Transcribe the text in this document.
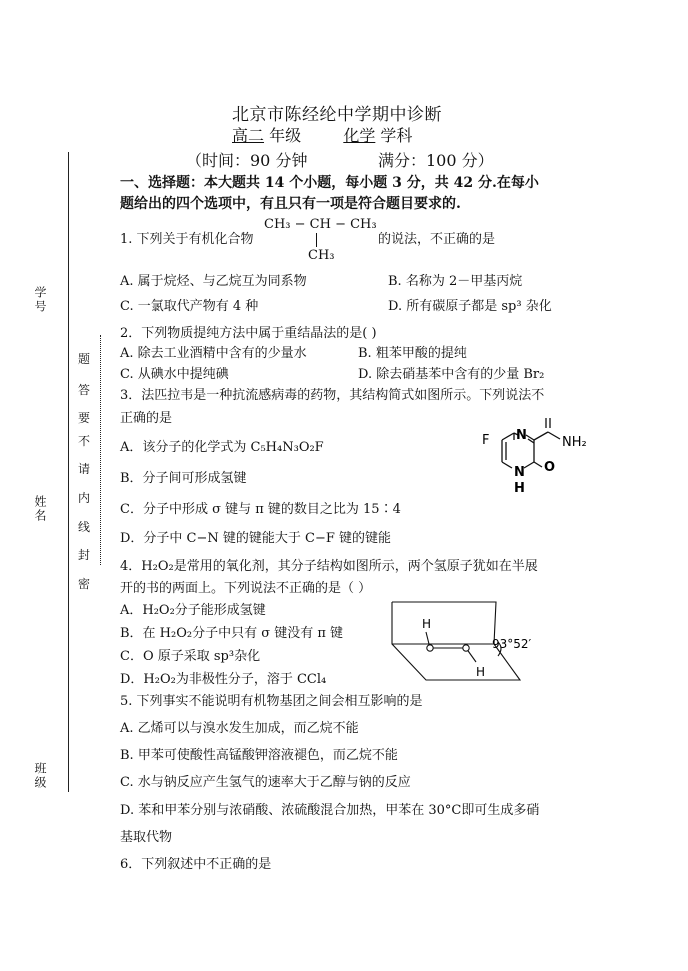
学号
姓名
班级
题
答
要
不
请
内
线
封
密
北京市陈经纶中学期中诊断
高二 年级	化学 学科
（时间：90 分钟	满分：100 分）
一、选择题：本大题共 14 个小题，每小题 3 分，共 42 分.在每小
题给出的四个选项中，有且只有一项是符合题目要求的.
1. 下列关于有机化合物
CH₃ − CH − CH₃
CH₃
的说法，不正确的是
A. 属于烷烃、与乙烷互为同系物	B. 名称为 2－甲基丙烷
C. 一氯取代产物有 4 种	D. 所有碳原子都是 sp³ 杂化
2．下列物质提纯方法中属于重结晶法的是( )
A. 除去工业酒精中含有的少量水	B. 粗苯甲酸的提纯
C. 从碘水中提纯碘	D. 除去硝基苯中含有的少量 Br₂
3．法匹拉韦是一种抗流感病毒的药物，其结构简式如图所示。下列说法不
正确的是
A．该分子的化学式为 C₅H₄N₃O₂F
B．分子间可形成氢键
C．分子中形成 σ 键与 π 键的数目之比为 15∶4
D．分子中 C−N 键的键能大于 C−F 键的键能
F N
O
N
H
NH₂
4．H₂O₂是常用的氧化剂，其分子结构如图所示，两个氢原子犹如在半展
开的书的两面上。下列说法不正确的是（ ）
A．H₂O₂分子能形成氢键
B．在 H₂O₂分子中只有 σ 键没有 π 键
C．O 原子采取 sp³杂化
D．H₂O₂为非极性分子，溶于 CCl₄
H
H
93°52′
5. 下列事实不能说明有机物基团之间会相互影响的是
A. 乙烯可以与溴水发生加成，而乙烷不能
B. 甲苯可使酸性高锰酸钾溶液褪色，而乙烷不能
C. 水与钠反应产生氢气的速率大于乙醇与钠的反应
D. 苯和甲苯分别与浓硝酸、浓硫酸混合加热，甲苯在 30°C即可生成多硝
基取代物
6．下列叙述中不正确的是
